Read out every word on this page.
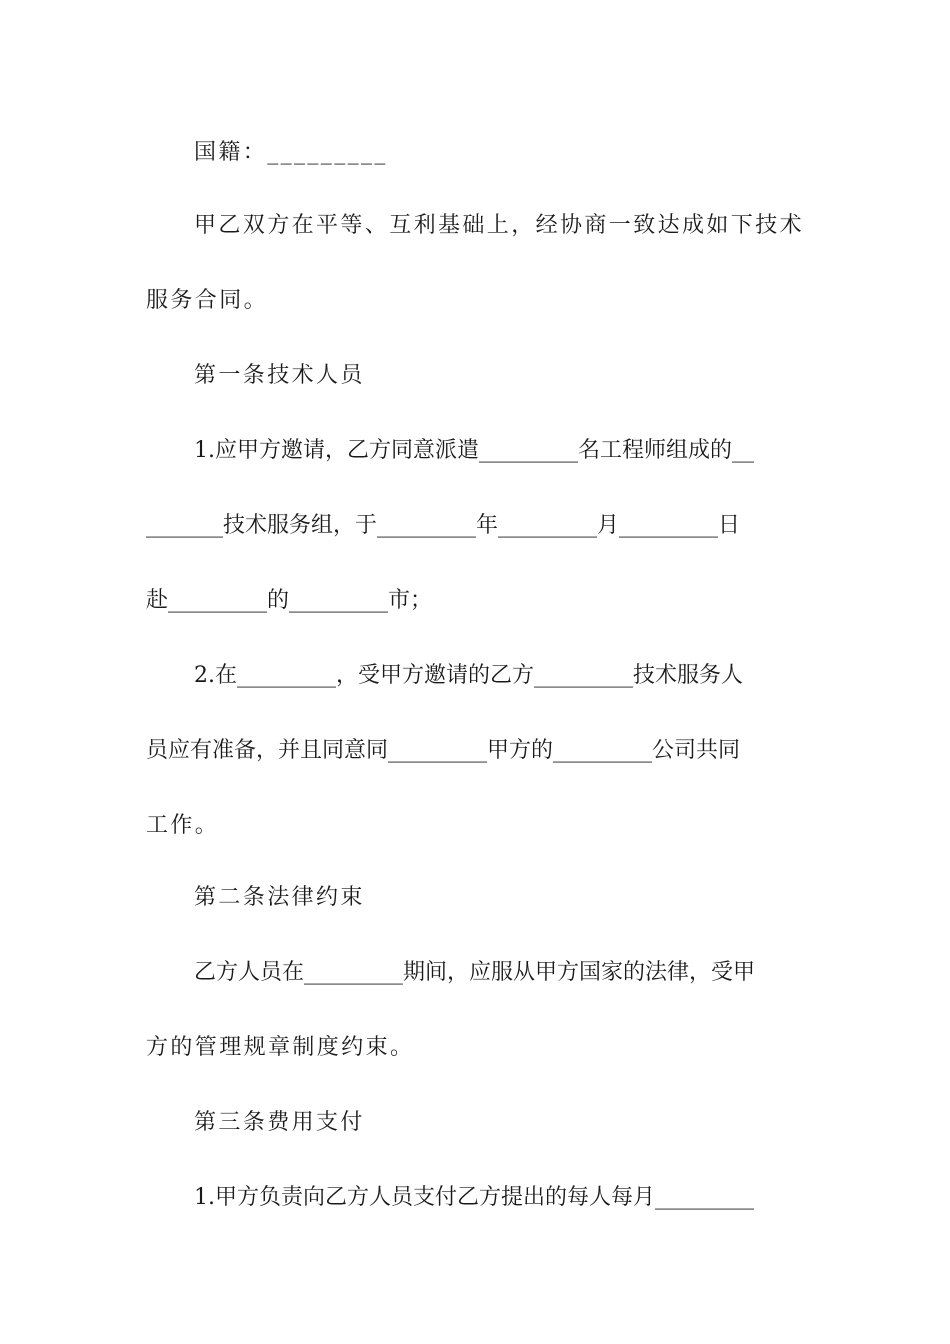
国籍：_________
甲乙双方在平等、互利基础上，经协商一致达成如下技术
服务合同。
第一条技术人员
1.应甲方邀请，乙方同意派遣_________名工程师组成的__
_______技术服务组，于_________年_________月_________日
赴_________的_________市；
2.在_________，受甲方邀请的乙方_________技术服务人
员应有准备，并且同意同_________甲方的_________公司共同
工作。
第二条法律约束
乙方人员在_________期间，应服从甲方国家的法律，受甲
方的管理规章制度约束。
第三条费用支付
1.甲方负责向乙方人员支付乙方提出的每人每月_________
